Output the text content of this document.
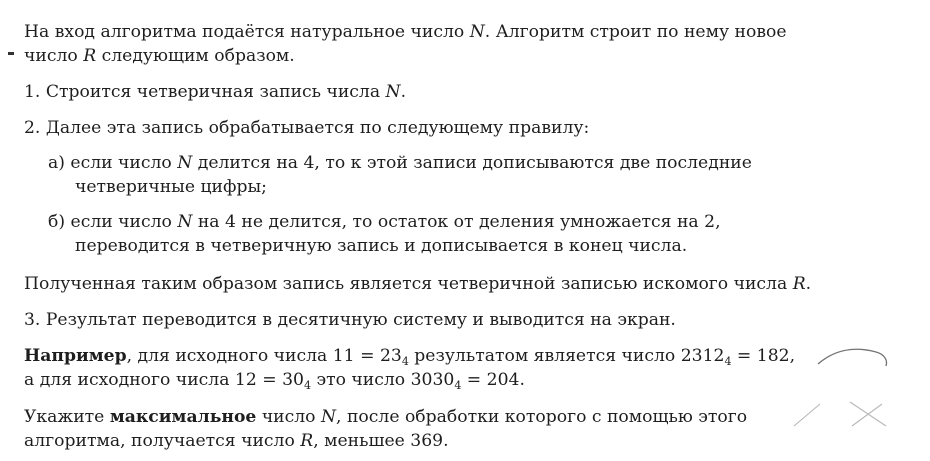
На вход алгоритма подаётся натуральное число N. Алгоритм строит по нему новое
число R следующим образом.
1. Строится четверичная запись числа N.
2. Далее эта запись обрабатывается по следующему правилу:
а) если число N делится на 4, то к этой записи дописываются две последние
четверичные цифры;
б) если число N на 4 не делится, то остаток от деления умножается на 2,
переводится в четверичную запись и дописывается в конец числа.
Полученная таким образом запись является четверичной записью искомого числа R.
3. Результат переводится в десятичную систему и выводится на экран.
Например, для исходного числа $11 = 23_4$ результатом является число $2312_4 = 182$,
а для исходного числа $12 = 30_4$ это число $3030_4 = 204$.
Укажите максимальное число N, после обработки которого с помощью этого
алгоритма, получается число R, меньшее 369.
